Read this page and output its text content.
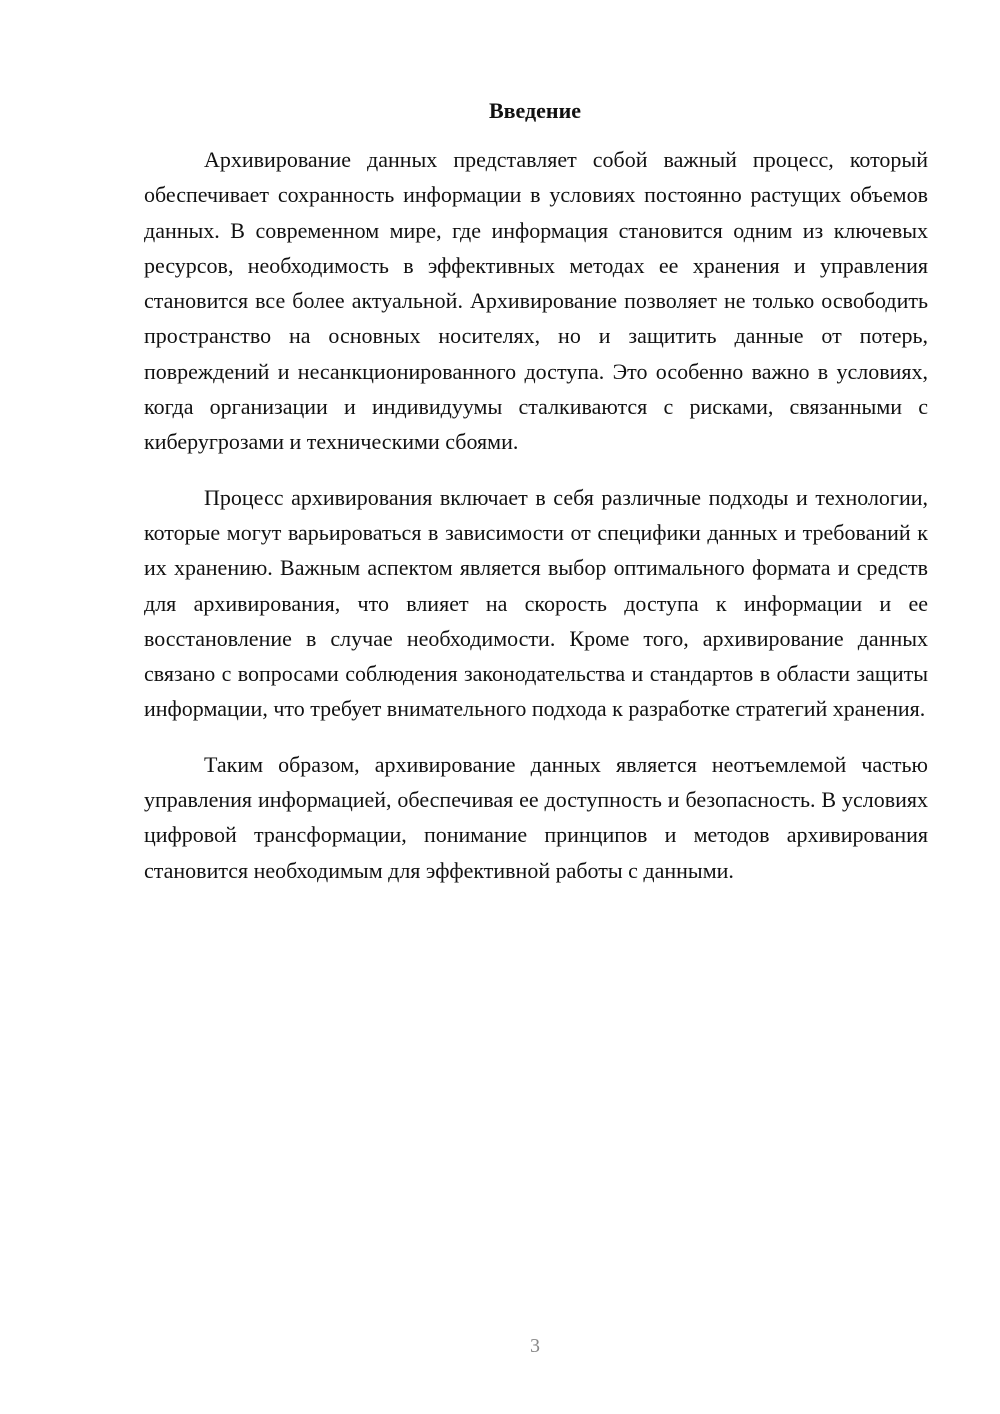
Введение

Архивирование данных представляет собой важный процесс, который обеспечивает сохранность информации в условиях постоянно растущих объемов данных. В современном мире, где информация становится одним из ключевых ресурсов, необходимость в эффективных методах ее хранения и управления становится все более актуальной. Архивирование позволяет не только освободить пространство на основных носителях, но и защитить данные от потерь, повреждений и несанкционированного доступа. Это особенно важно в условиях, когда организации и индивидуумы сталкиваются с рисками, связанными с киберугрозами и техническими сбоями.

Процесс архивирования включает в себя различные подходы и технологии, которые могут варьироваться в зависимости от специфики данных и требований к их хранению. Важным аспектом является выбор оптимального формата и средств для архивирования, что влияет на скорость доступа к информации и ее восстановление в случае необходимости. Кроме того, архивирование данных связано с вопросами соблюдения законодательства и стандартов в области защиты информации, что требует внимательного подхода к разработке стратегий хранения.

Таким образом, архивирование данных является неотъемлемой частью управления информацией, обеспечивая ее доступность и безопасность. В условиях цифровой трансформации, понимание принципов и методов архивирования становится необходимым для эффективной работы с данными.

3
